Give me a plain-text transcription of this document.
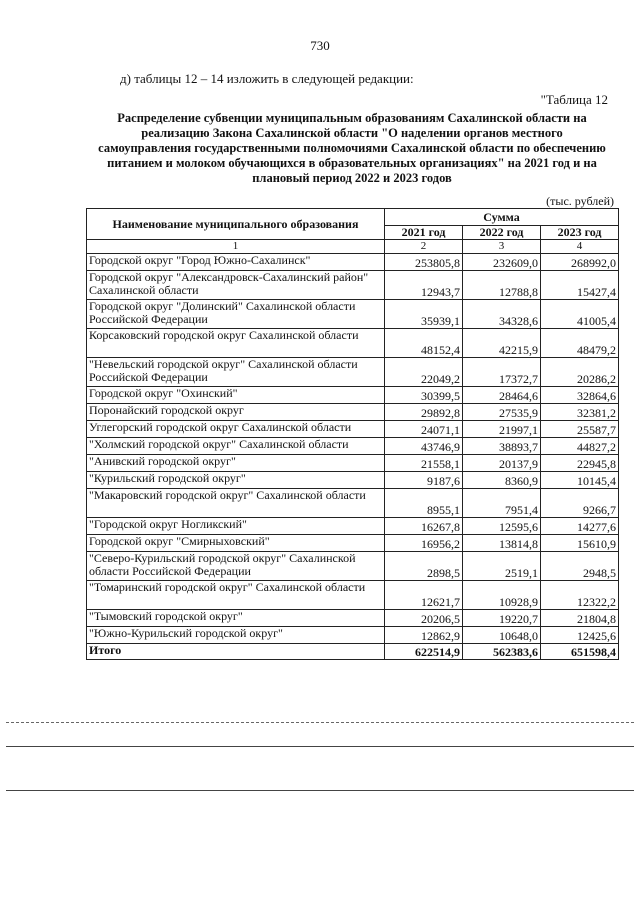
730
д) таблицы 12 – 14 изложить в следующей редакции:
"Таблица 12
Распределение субвенции муниципальным образованиям Сахалинской области на реализацию Закона Сахалинской области "О наделении органов местного самоуправления государственными полномочиями Сахалинской области по обеспечению питанием и молоком обучающихся в образовательных организациях" на 2021 год и на плановый период 2022 и 2023 годов
(тыс. рублей)
Наименование муниципального образования	Сумма		
	2021 год	2022 год	2023 год
1	2	3	4
Городской округ "Город Южно-Сахалинск"	253805,8	232609,0	268992,0
Городской округ "Александровск-Сахалинский район" Сахалинской области	12943,7	12788,8	15427,4
Городской округ "Долинский" Сахалинской области Российской Федерации	35939,1	34328,6	41005,4
Корсаковский городской округ Сахалинской области	48152,4	42215,9	48479,2
"Невельский городской округ" Сахалинской области Российской Федерации	22049,2	17372,7	20286,2
Городской округ "Охинский"	30399,5	28464,6	32864,6
Поронайский городской округ	29892,8	27535,9	32381,2
Углегорский городской округ Сахалинской области	24071,1	21997,1	25587,7
"Холмский городской округ" Сахалинской области	43746,9	38893,7	44827,2
"Анивский городской округ"	21558,1	20137,9	22945,8
"Курильский городской округ"	9187,6	8360,9	10145,4
"Макаровский городской округ" Сахалинской области	8955,1	7951,4	9266,7
"Городской округ Ногликский"	16267,8	12595,6	14277,6
Городской округ "Смирныховский"	16956,2	13814,8	15610,9
"Северо-Курильский городской округ" Сахалинской области Российской Федерации	2898,5	2519,1	2948,5
"Томаринский городской округ" Сахалинской области	12621,7	10928,9	12322,2
"Тымовский городской округ"	20206,5	19220,7	21804,8
"Южно-Курильский городской округ"	12862,9	10648,0	12425,6
Итого	622514,9	562383,6	651598,4
